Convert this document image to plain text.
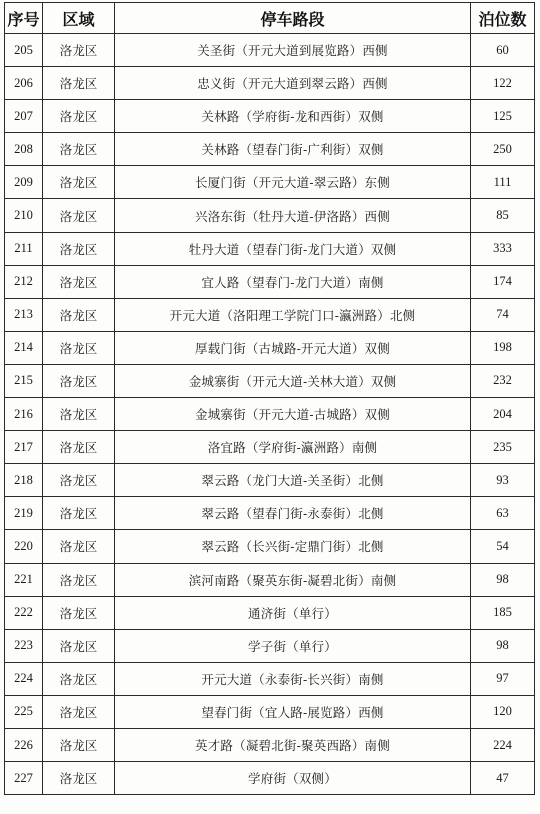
序号	区域	停车路段	泊位数
205	洛龙区	关圣街（开元大道到展览路）西侧	60
206	洛龙区	忠义街（开元大道到翠云路）西侧	122
207	洛龙区	关林路（学府街-龙和西街）双侧	125
208	洛龙区	关林路（望春门街-广利街）双侧	250
209	洛龙区	长厦门街（开元大道-翠云路）东侧	111
210	洛龙区	兴洛东街（牡丹大道-伊洛路）西侧	85
211	洛龙区	牡丹大道（望春门街-龙门大道）双侧	333
212	洛龙区	宜人路（望春门-龙门大道）南侧	174
213	洛龙区	开元大道（洛阳理工学院门口-瀛洲路）北侧	74
214	洛龙区	厚载门街（古城路-开元大道）双侧	198
215	洛龙区	金城寨街（开元大道-关林大道）双侧	232
216	洛龙区	金城寨街（开元大道-古城路）双侧	204
217	洛龙区	洛宜路（学府街-瀛洲路）南侧	235
218	洛龙区	翠云路（龙门大道-关圣街）北侧	93
219	洛龙区	翠云路（望春门街-永泰街）北侧	63
220	洛龙区	翠云路（长兴街-定鼎门街）北侧	54
221	洛龙区	滨河南路（聚英东街-凝碧北街）南侧	98
222	洛龙区	通济街（单行）	185
223	洛龙区	学子街（单行）	98
224	洛龙区	开元大道（永泰街-长兴街）南侧	97
225	洛龙区	望春门街（宜人路-展览路）西侧	120
226	洛龙区	英才路（凝碧北街-聚英西路）南侧	224
227	洛龙区	学府街（双侧）	47
